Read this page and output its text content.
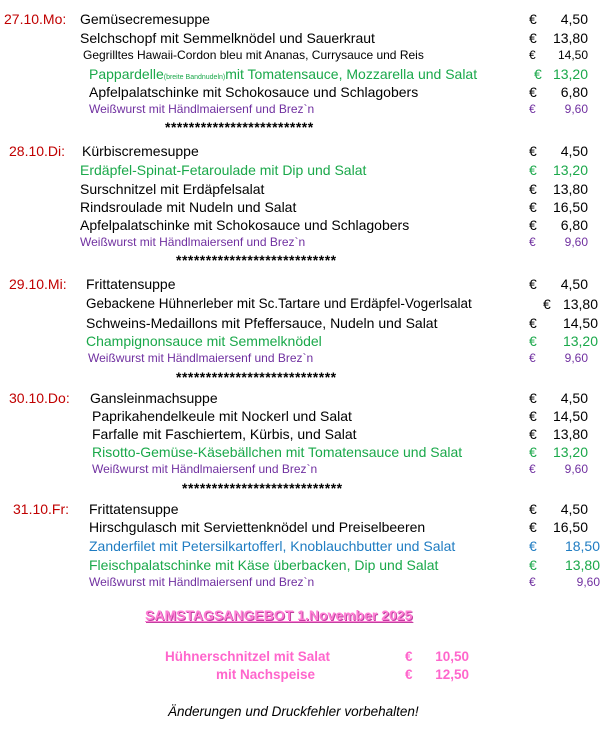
27.10.Mo: Gemüsecremesuppe	€	4,50
Selchschopf mit Semmelknödel und Sauerkraut	€	13,80
Gegrilltes Hawaii-Cordon bleu mit Ananas, Currysauce und Reis	€	14,50
Pappardelle(breite Bandnudeln)mit Tomatensauce, Mozzarella und Salat	€ 13,20
Apfelpalatschinke mit Schokosauce und Schlagobers	€	6,80
Weißwurst mit Händlmaiersenf und Brez`n	€	9,60
*************************
28.10.Di: Kürbiscremesuppe	€	4,50
Erdäpfel-Spinat-Fetaroulade mit Dip und Salat	€	13,20
Surschnitzel mit Erdäpfelsalat	€	13,80
Rindsroulade mit Nudeln und Salat	€	16,50
Apfelpalatschinke mit Schokosauce und Schlagobers	€	6,80
Weißwurst mit Händlmaiersenf und Brez`n	€	9,60
***************************
29.10.Mi: Frittatensuppe	€	4,50
Gebackene Hühnerleber mit Sc.Tartare und Erdäpfel-Vogerlsalat	€ 13,80
Schweins-Medaillons mit Pfeffersauce, Nudeln und Salat	€	14,50
Champignonsauce mit Semmelknödel	€	13,20
Weißwurst mit Händlmaiersenf und Brez`n	€	9,60
***************************
30.10.Do: Gansleinmachsuppe	€	4,50
Paprikahendelkeule mit Nockerl und Salat	€	14,50
Farfalle mit Faschiertem, Kürbis, und Salat	€	13,80
Risotto-Gemüse-Käsebällchen mit Tomatensauce und Salat	€	13,20
Weißwurst mit Händlmaiersenf und Brez`n	€	9,60
***************************
31.10.Fr: Frittatensuppe	€	4,50
Hirschgulasch mit Serviettenknödel und Preiselbeeren	€	16,50
Zanderfilet mit Petersilkartofferl, Knoblauchbutter und Salat	€	18,50
Fleischpalatschinke mit Käse überbacken, Dip und Salat	€	13,80
Weißwurst mit Händlmaiersenf und Brez`n	€	9,60
SAMSTAGSANGEBOT 1.November 2025
Hühnerschnitzel mit Salat	€	10,50
mit Nachspeise	€	12,50
Änderungen und Druckfehler vorbehalten!
